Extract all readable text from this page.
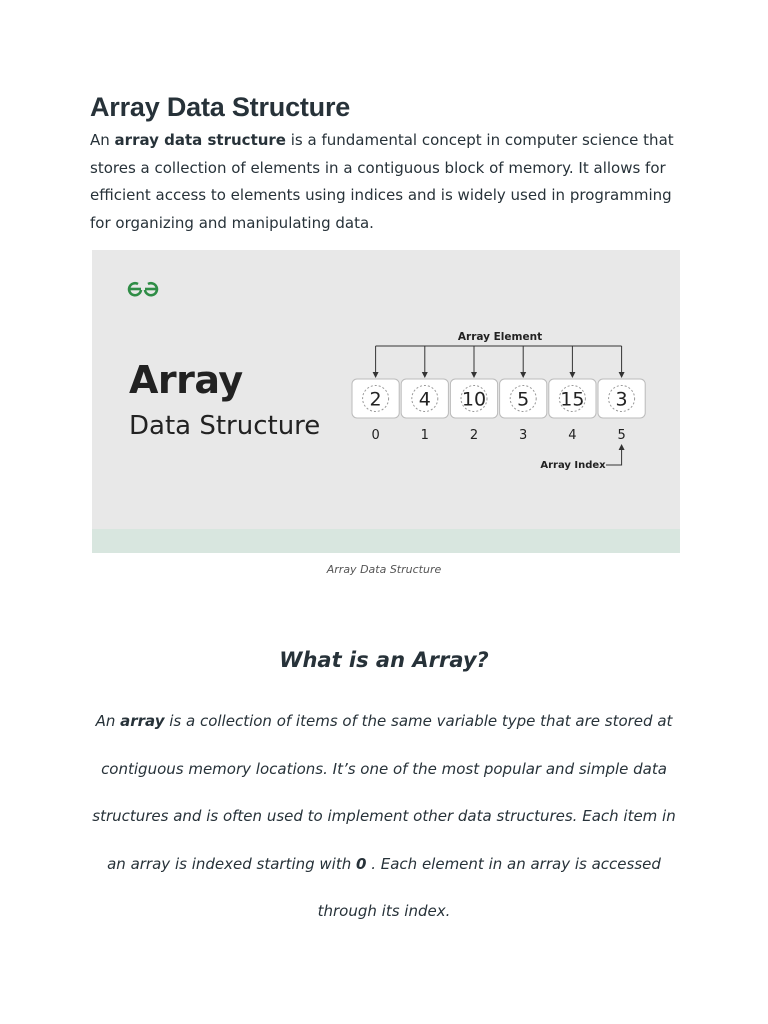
Array Data Structure

An array data structure is a fundamental concept in computer science that stores a collection of elements in a contiguous block of memory. It allows for efficient access to elements using indices and is widely used in programming for organizing and manipulating data.

Array
Data Structure
Array Element
Array Index
2
0
4
1
10
2
5
3
15
4
3
5
Array Data Structure
What is an Array?

An array is a collection of items of the same variable type that are stored at contiguous memory locations. It’s one of the most popular and simple data structures and is often used to implement other data structures. Each item in an array is indexed starting with 0 . Each element in an array is accessed through its index.
